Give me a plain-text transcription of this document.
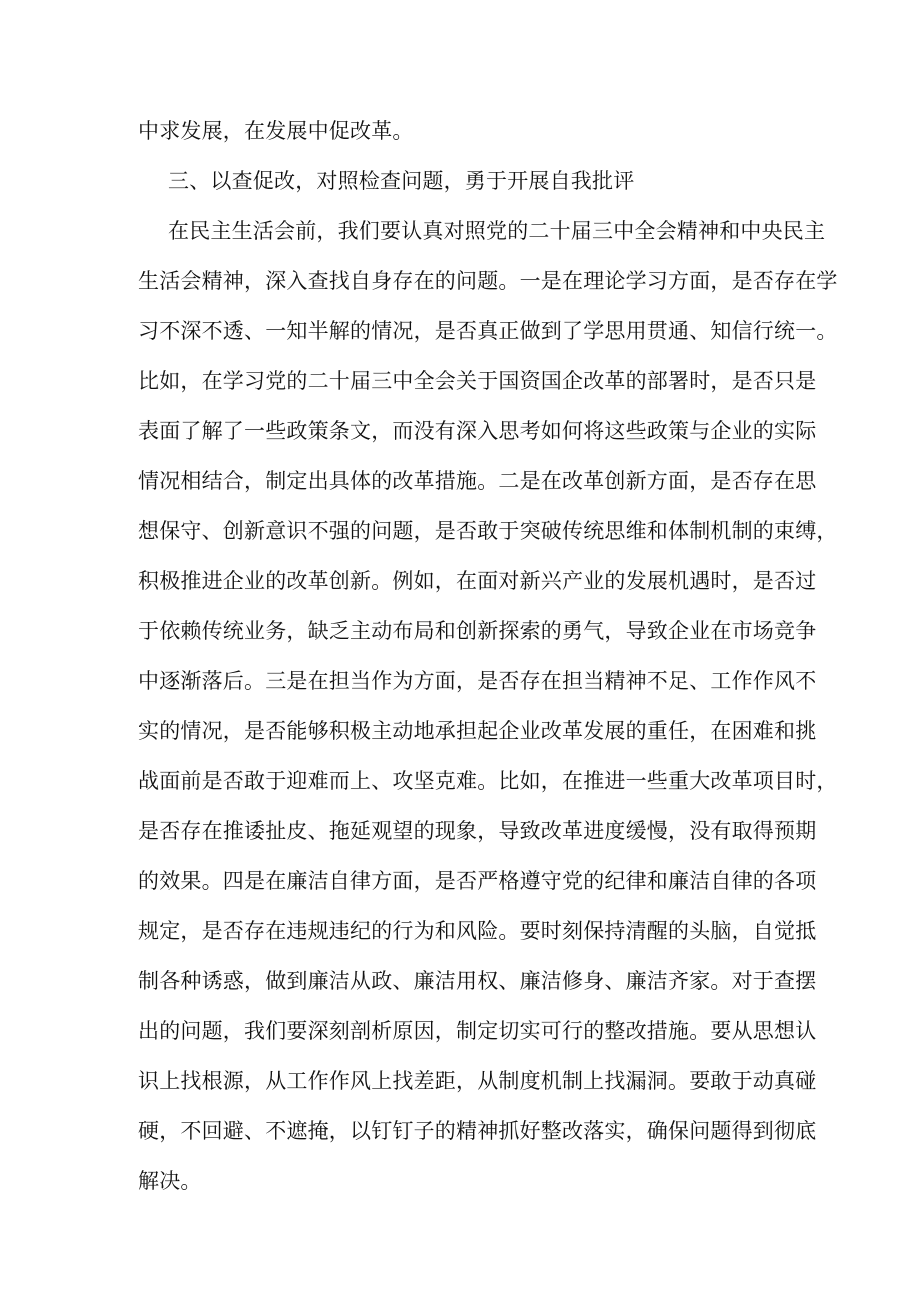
中求发展，在发展中促改革。
三、以查促改，对照检查问题，勇于开展自我批评
在民主生活会前，我们要认真对照党的二十届三中全会精神和中央民主
生活会精神，深入查找自身存在的问题。一是在理论学习方面，是否存在学
习不深不透、一知半解的情况，是否真正做到了学思用贯通、知信行统一。
比如，在学习党的二十届三中全会关于国资国企改革的部署时，是否只是
表面了解了一些政策条文，而没有深入思考如何将这些政策与企业的实际
情况相结合，制定出具体的改革措施。二是在改革创新方面，是否存在思
想保守、创新意识不强的问题，是否敢于突破传统思维和体制机制的束缚，
积极推进企业的改革创新。例如，在面对新兴产业的发展机遇时，是否过
于依赖传统业务，缺乏主动布局和创新探索的勇气，导致企业在市场竞争
中逐渐落后。三是在担当作为方面，是否存在担当精神不足、工作作风不
实的情况，是否能够积极主动地承担起企业改革发展的重任，在困难和挑
战面前是否敢于迎难而上、攻坚克难。比如，在推进一些重大改革项目时，
是否存在推诿扯皮、拖延观望的现象，导致改革进度缓慢，没有取得预期
的效果。四是在廉洁自律方面，是否严格遵守党的纪律和廉洁自律的各项
规定，是否存在违规违纪的行为和风险。要时刻保持清醒的头脑，自觉抵
制各种诱惑，做到廉洁从政、廉洁用权、廉洁修身、廉洁齐家。对于查摆
出的问题，我们要深刻剖析原因，制定切实可行的整改措施。要从思想认
识上找根源，从工作作风上找差距，从制度机制上找漏洞。要敢于动真碰
硬，不回避、不遮掩，以钉钉子的精神抓好整改落实，确保问题得到彻底
解决。
